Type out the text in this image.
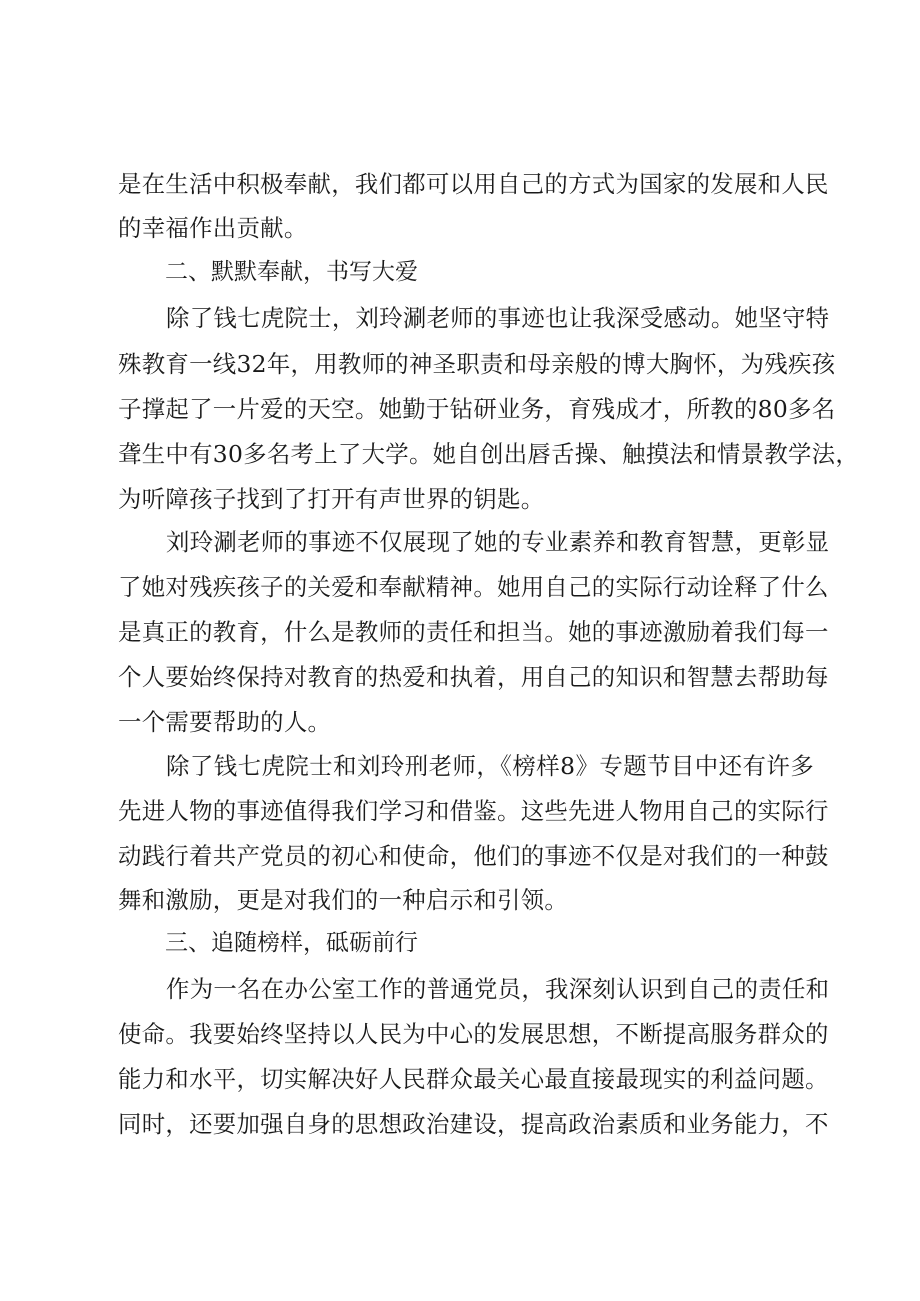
是在生活中积极奉献，我们都可以用自己的方式为国家的发展和人民
的幸福作出贡献。
二、默默奉献，书写大爱
除了钱七虎院士，刘玲涮老师的事迹也让我深受感动。她坚守特
殊教育一线32年，用教师的神圣职责和母亲般的博大胸怀，为残疾孩
子撑起了一片爱的天空。她勤于钻研业务，育残成才，所教的80多名
聋生中有30多名考上了大学。她自创出唇舌操、触摸法和情景教学法，
为听障孩子找到了打开有声世界的钥匙。
刘玲涮老师的事迹不仅展现了她的专业素养和教育智慧，更彰显
了她对残疾孩子的关爱和奉献精神。她用自己的实际行动诠释了什么
是真正的教育，什么是教师的责任和担当。她的事迹激励着我们每一
个人要始终保持对教育的热爱和执着，用自己的知识和智慧去帮助每
一个需要帮助的人。
除了钱七虎院士和刘玲刑老师，《榜样8》专题节目中还有许多
先进人物的事迹值得我们学习和借鉴。这些先进人物用自己的实际行
动践行着共产党员的初心和使命，他们的事迹不仅是对我们的一种鼓
舞和激励，更是对我们的一种启示和引领。
三、追随榜样，砥砺前行
作为一名在办公室工作的普通党员，我深刻认识到自己的责任和
使命。我要始终坚持以人民为中心的发展思想，不断提高服务群众的
能力和水平，切实解决好人民群众最关心最直接最现实的利益问题。
同时，还要加强自身的思想政治建设，提高政治素质和业务能力，不
